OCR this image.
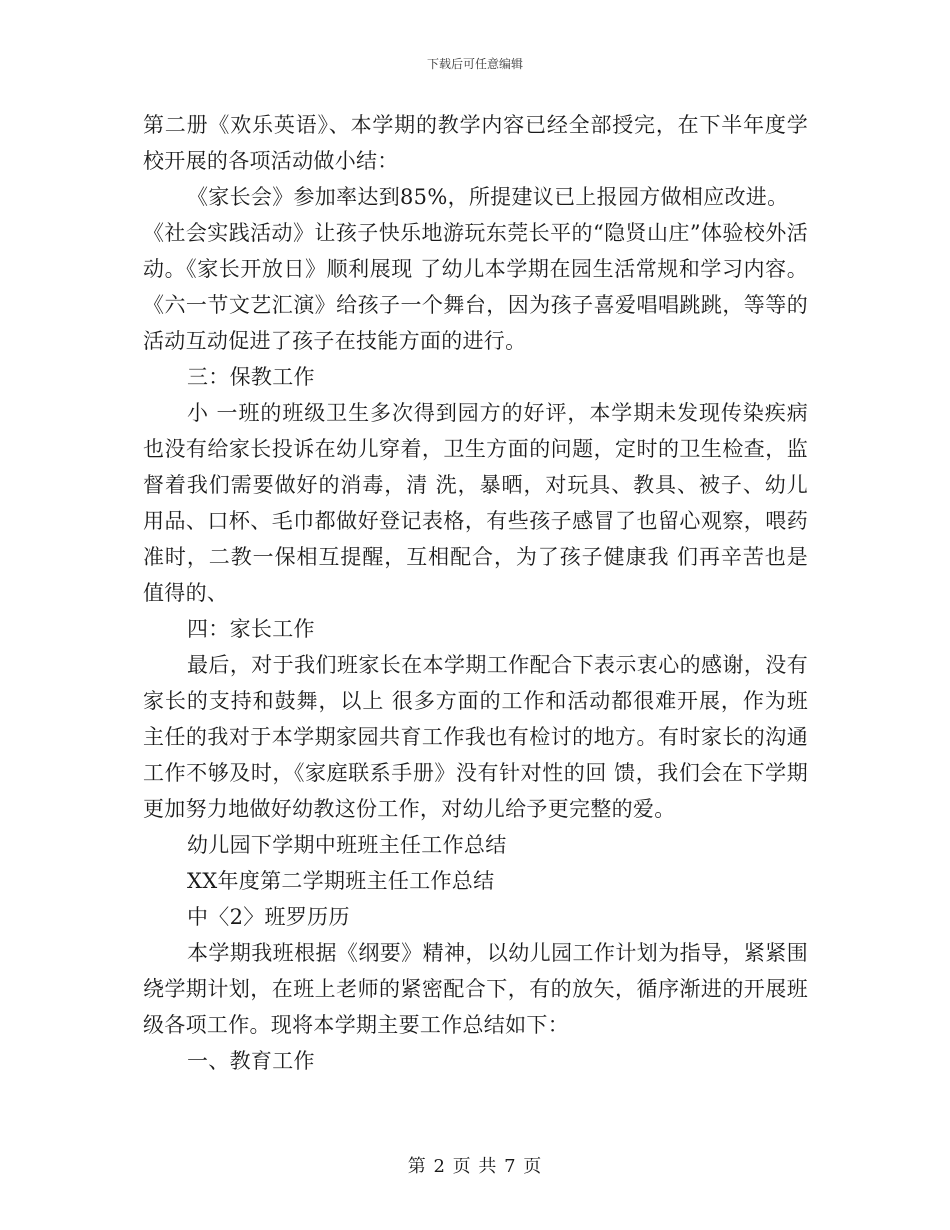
下载后可任意编辑

第二册《欢乐英语》、本学期的教学内容已经全部授完，在下半年度学校开展的各项活动做小结：

《家长会》参加率达到85%，所提建议已上报园方做相应改进。

《社会实践活动》让孩子快乐地游玩东莞长平的“隐贤山庄”体验校外活动。《家长开放日》顺利展现 了幼儿本学期在园生活常规和学习内容。《六一节文艺汇演》给孩子一个舞台，因为孩子喜爱唱唱跳跳，等等的活动互动促进了孩子在技能方面的进行。

三：保教工作

小 一班的班级卫生多次得到园方的好评，本学期未发现传染疾病也没有给家长投诉在幼儿穿着，卫生方面的问题，定时的卫生检查，监督着我们需要做好的消毒，清 洗，暴晒，对玩具、教具、被子、幼儿用品、口杯、毛巾都做好登记表格，有些孩子感冒了也留心观察，喂药准时，二教一保相互提醒，互相配合，为了孩子健康我 们再辛苦也是值得的、

四：家长工作

最后，对于我们班家长在本学期工作配合下表示衷心的感谢，没有家长的支持和鼓舞，以上 很多方面的工作和活动都很难开展，作为班主任的我对于本学期家园共育工作我也有检讨的地方。有时家长的沟通工作不够及时，《家庭联系手册》没有针对性的回 馈，我们会在下学期更加努力地做好幼教这份工作，对幼儿给予更完整的爱。

幼儿园下学期中班班主任工作总结

XX年度第二学期班主任工作总结

中〈2〉班罗历历

本学期我班根据《纲要》精神，以幼儿园工作计划为指导，紧紧围绕学期计划，在班上老师的紧密配合下，有的放矢，循序渐进的开展班级各项工作。现将本学期主要工作总结如下：

一、教育工作

第 2 页 共 7 页
